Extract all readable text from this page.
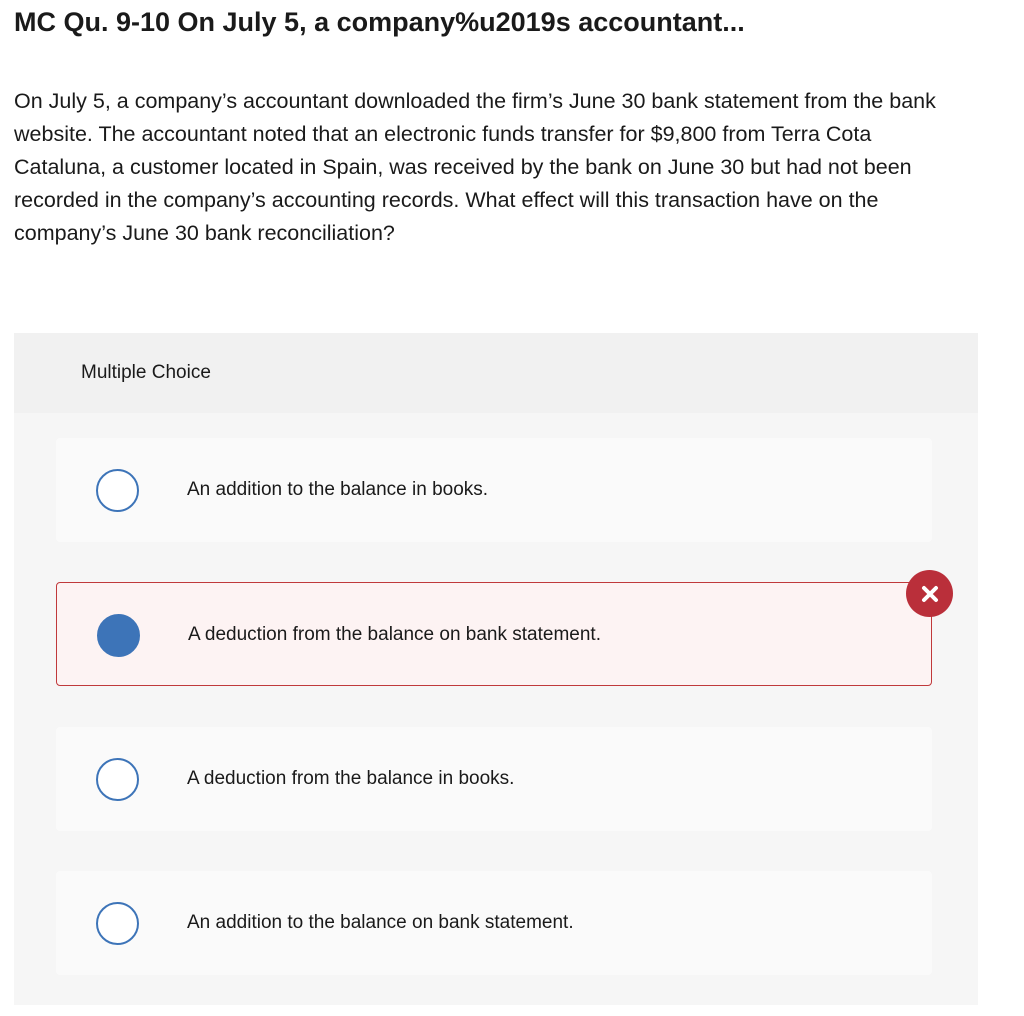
MC Qu. 9-10 On July 5, a company%u2019s accountant...

On July 5, a company’s accountant downloaded the firm’s June 30 bank statement from the bank website. The accountant noted that an electronic funds transfer for $9,800 from Terra Cota Cataluna, a customer located in Spain, was received by the bank on June 30 but had not been recorded in the company’s accounting records. What effect will this transaction have on the company’s June 30 bank reconciliation?

Multiple Choice
An addition to the balance in books.
A deduction from the balance on bank statement.
A deduction from the balance in books.
An addition to the balance on bank statement.
